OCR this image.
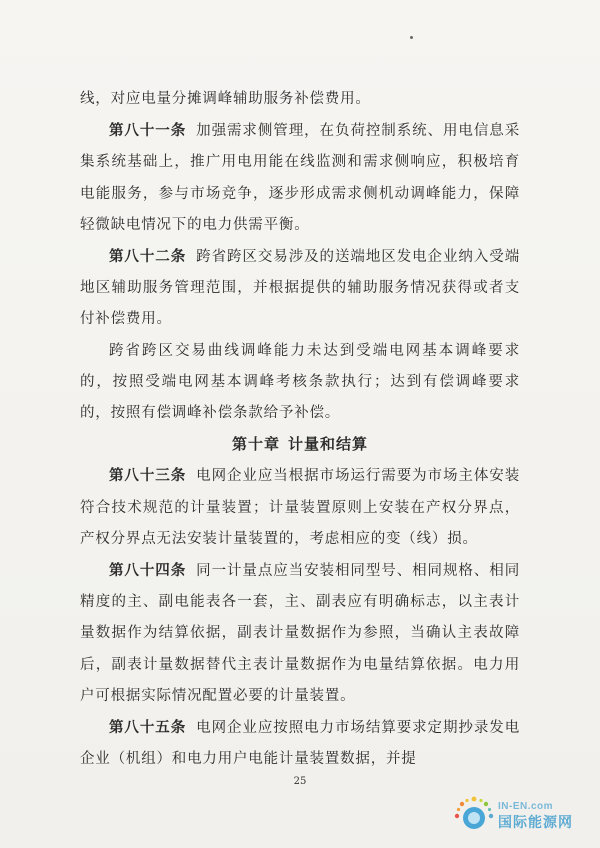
线，对应电量分摊调峰辅助服务补偿费用。

第八十一条 加强需求侧管理，在负荷控制系统、用电信息采集系统基础上，推广用电用能在线监测和需求侧响应，积极培育电能服务，参与市场竞争，逐步形成需求侧机动调峰能力，保障轻微缺电情况下的电力供需平衡。

第八十二条 跨省跨区交易涉及的送端地区发电企业纳入受端地区辅助服务管理范围，并根据提供的辅助服务情况获得或者支付补偿费用。

跨省跨区交易曲线调峰能力未达到受端电网基本调峰要求的，按照受端电网基本调峰考核条款执行；达到有偿调峰要求的，按照有偿调峰补偿条款给予补偿。

第十章 计量和结算

第八十三条 电网企业应当根据市场运行需要为市场主体安装符合技术规范的计量装置；计量装置原则上安装在产权分界点，产权分界点无法安装计量装置的，考虑相应的变（线）损。

第八十四条 同一计量点应当安装相同型号、相同规格、相同精度的主、副电能表各一套，主、副表应有明确标志，以主表计量数据作为结算依据，副表计量数据作为参照，当确认主表故障后，副表计量数据替代主表计量数据作为电量结算依据。电力用户可根据实际情况配置必要的计量装置。

第八十五条 电网企业应按照电力市场结算要求定期抄录发电企业（机组）和电力用户电能计量装置数据，并提

25
IN-EN.com
国际能源网
